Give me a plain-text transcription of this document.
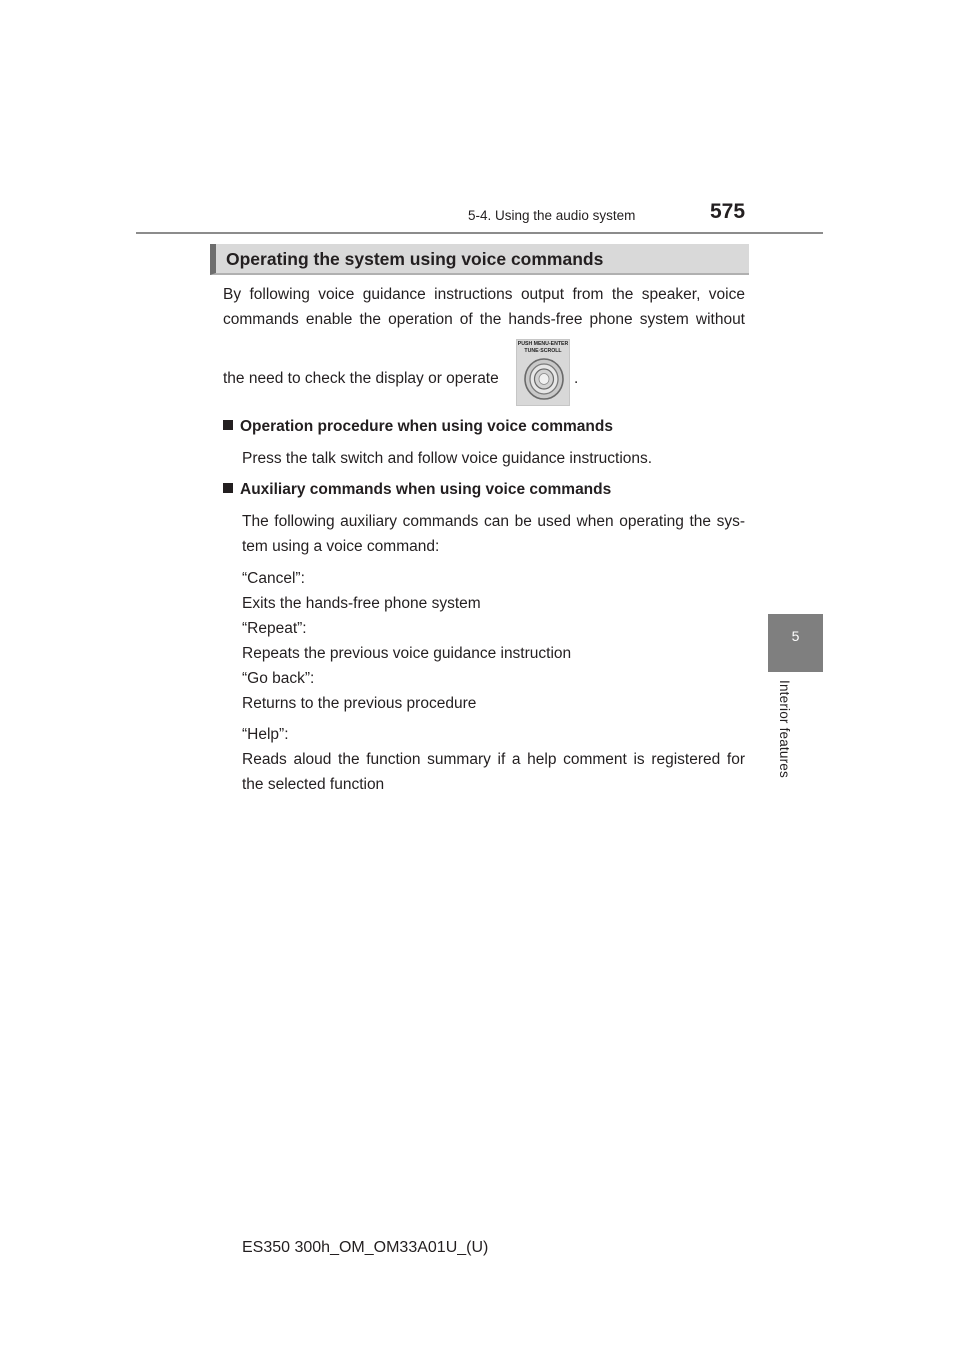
5-4. Using the audio system	575
5
Interior features
Operating the system using voice commands
By following voice guidance instructions output from the speaker, voice
commands enable the operation of the hands-free phone system without
the need to check the display or operate
PUSH MENU-ENTER
TUNE·SCROLL
.
Operation procedure when using voice commands
Press the talk switch and follow voice guidance instructions.
Auxiliary commands when using voice commands
The following auxiliary commands can be used when operating the sys-
tem using a voice command:
“Cancel”:
Exits the hands-free phone system
“Repeat”:
Repeats the previous voice guidance instruction
“Go back”:
Returns to the previous procedure
“Help”:
Reads aloud the function summary if a help comment is registered for
the selected function
ES350 300h_OM_OM33A01U_(U)
